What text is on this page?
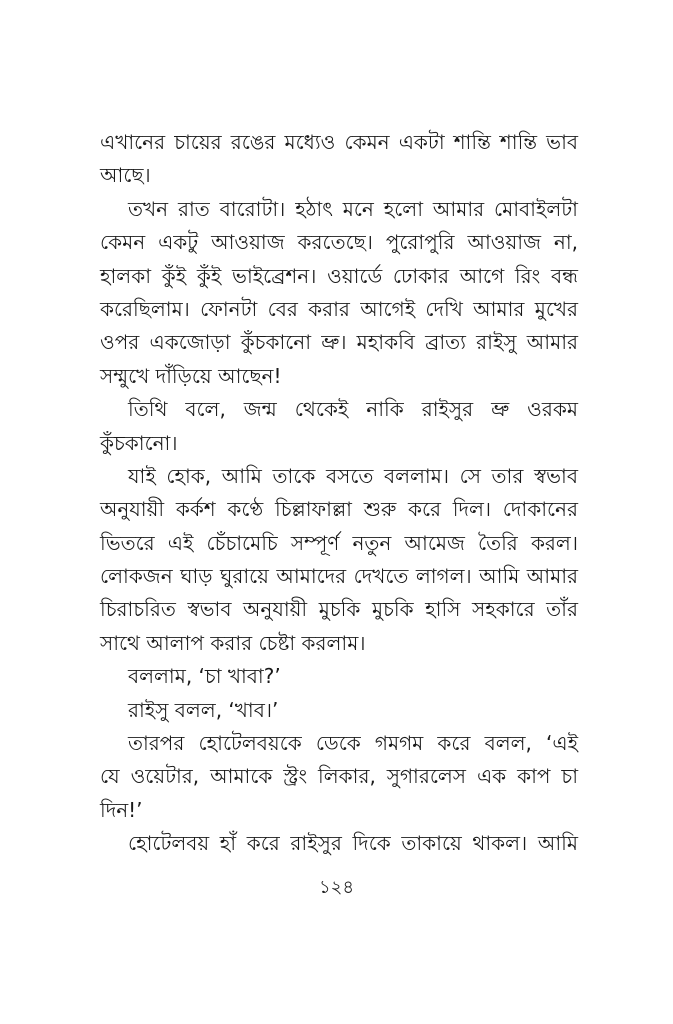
এখানের চায়ের রঙের মধ্যেও কেমন একটা শান্তি শান্তি ভাব
আছে।
তখন রাত বারোটা। হঠাৎ মনে হলো আমার মোবাইলটা
কেমন একটু আওয়াজ করতেছে। পুরোপুরি আওয়াজ না,
হালকা কুঁই কুঁই ভাইব্রেশন। ওয়ার্ডে ঢোকার আগে রিং বন্ধ
করেছিলাম। ফোনটা বের করার আগেই দেখি আমার মুখের
ওপর একজোড়া কুঁচকানো ভ্রু। মহাকবি ব্রাত্য রাইসু আমার
সম্মুখে দাঁড়িয়ে আছেন!
তিথি বলে, জন্ম থেকেই নাকি রাইসুর ভ্রু ওরকম
কুঁচকানো।
যাই হোক, আমি তাকে বসতে বললাম। সে তার স্বভাব
অনুযায়ী কর্কশ কণ্ঠে চিল্লাফাল্লা শুরু করে দিল। দোকানের
ভিতরে এই চেঁচামেচি সম্পূর্ণ নতুন আমেজ তৈরি করল।
লোকজন ঘাড় ঘুরায়ে আমাদের দেখতে লাগল। আমি আমার
চিরাচরিত স্বভাব অনুযায়ী মুচকি মুচকি হাসি সহকারে তাঁর
সাথে আলাপ করার চেষ্টা করলাম।
বললাম, ‘চা খাবা?’
রাইসু বলল, ‘খাব।’
তারপর হোটেলবয়কে ডেকে গমগম করে বলল, ‘এই
যে ওয়েটার, আমাকে স্ট্রং লিকার, সুগারলেস এক কাপ চা
দিন!’
হোটেলবয় হাঁ করে রাইসুর দিকে তাকায়ে থাকল। আমি
১২৪
